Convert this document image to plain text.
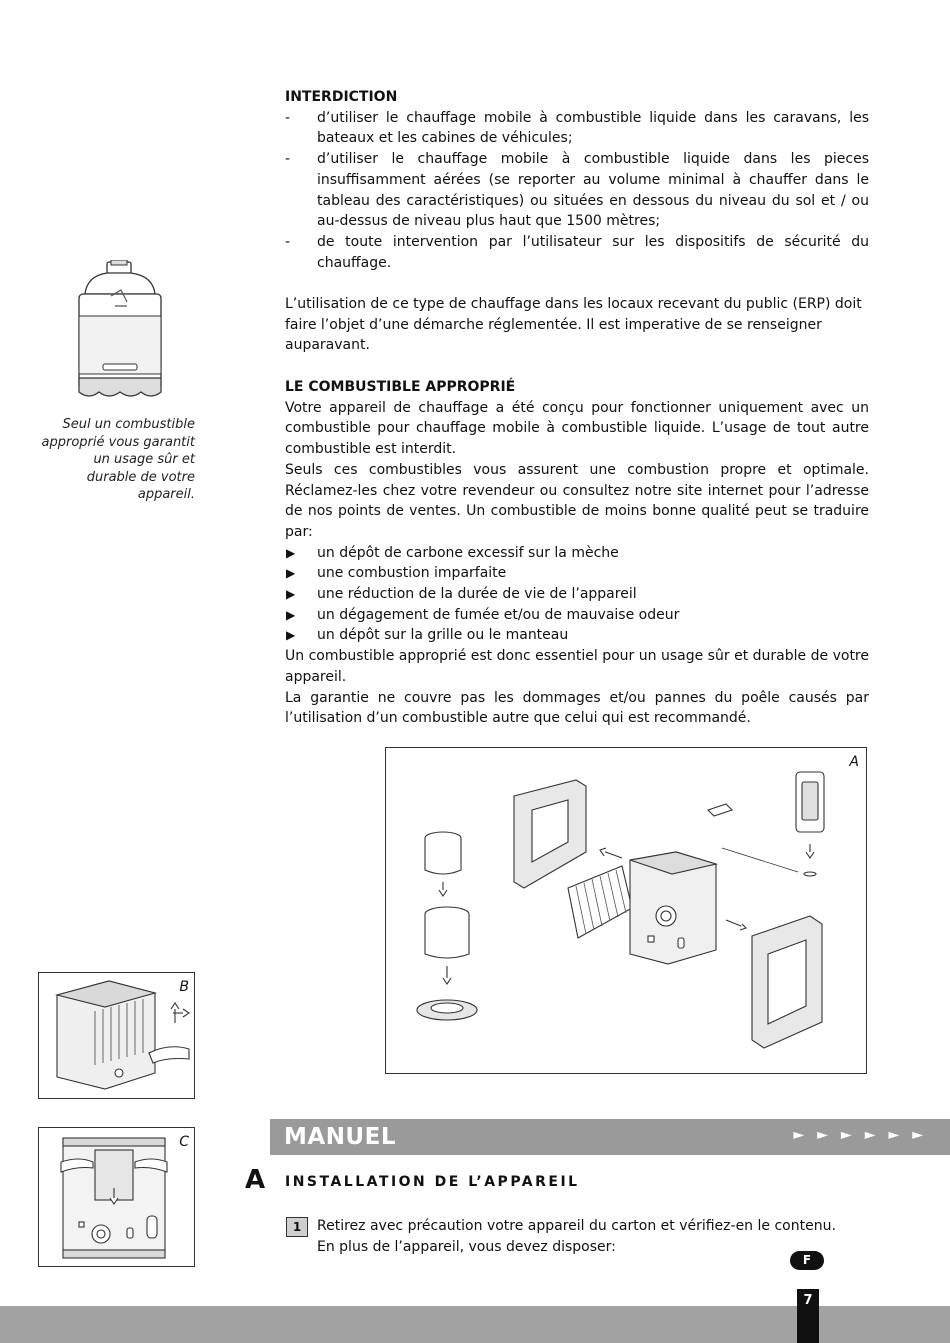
Seul un combustible approprié vous garantit un usage sûr et durable de votre appareil.
INTERDICTION
- d’utiliser le chauffage mobile à combustible liquide dans les caravans, les bateaux et les cabines de véhicules;
- d’utiliser le chauffage mobile à combustible liquide dans les pieces insuffisamment aérées (se reporter au volume minimal à chauffer dans le tableau des caractéristiques) ou situées en dessous du niveau du sol et / ou au-dessus de niveau plus haut que 1500 mètres;
- de toute intervention par l’utilisateur sur les dispositifs de sécurité du chauffage.
L’utilisation de ce type de chauffage dans les locaux recevant du public (ERP) doit faire l’objet d’une démarche réglementée. Il est imperative de se renseigner auparavant.
LE COMBUSTIBLE APPROPRIÉ
Votre appareil de chauffage a été conçu pour fonctionner uniquement avec un combustible pour chauffage mobile à combustible liquide. L’usage de tout autre combustible est interdit.
Seuls ces combustibles vous assurent une combustion propre et optimale. Réclamez-les chez votre revendeur ou consultez notre site internet pour l’adresse de nos points de ventes. Un combustible de moins bonne qualité peut se traduire par:
▶ un dépôt de carbone excessif sur la mèche
▶ une combustion imparfaite
▶ une réduction de la durée de vie de l’appareil
▶ un dégagement de fumée et/ou de mauvaise odeur
▶ un dépôt sur la grille ou le manteau
Un combustible approprié est donc essentiel pour un usage sûr et durable de votre appareil.
La garantie ne couvre pas les dommages et/ou pannes du poêle causés par l’utilisation d’un combustible autre que celui qui est recommandé.
A
B
C	MANUEL	►►►►►►
A INSTALLATION DE L’APPAREIL
1	Retirez avec précaution votre appareil du carton et vérifiez-en le contenu.
En plus de l’appareil, vous devez disposer:
F
7
